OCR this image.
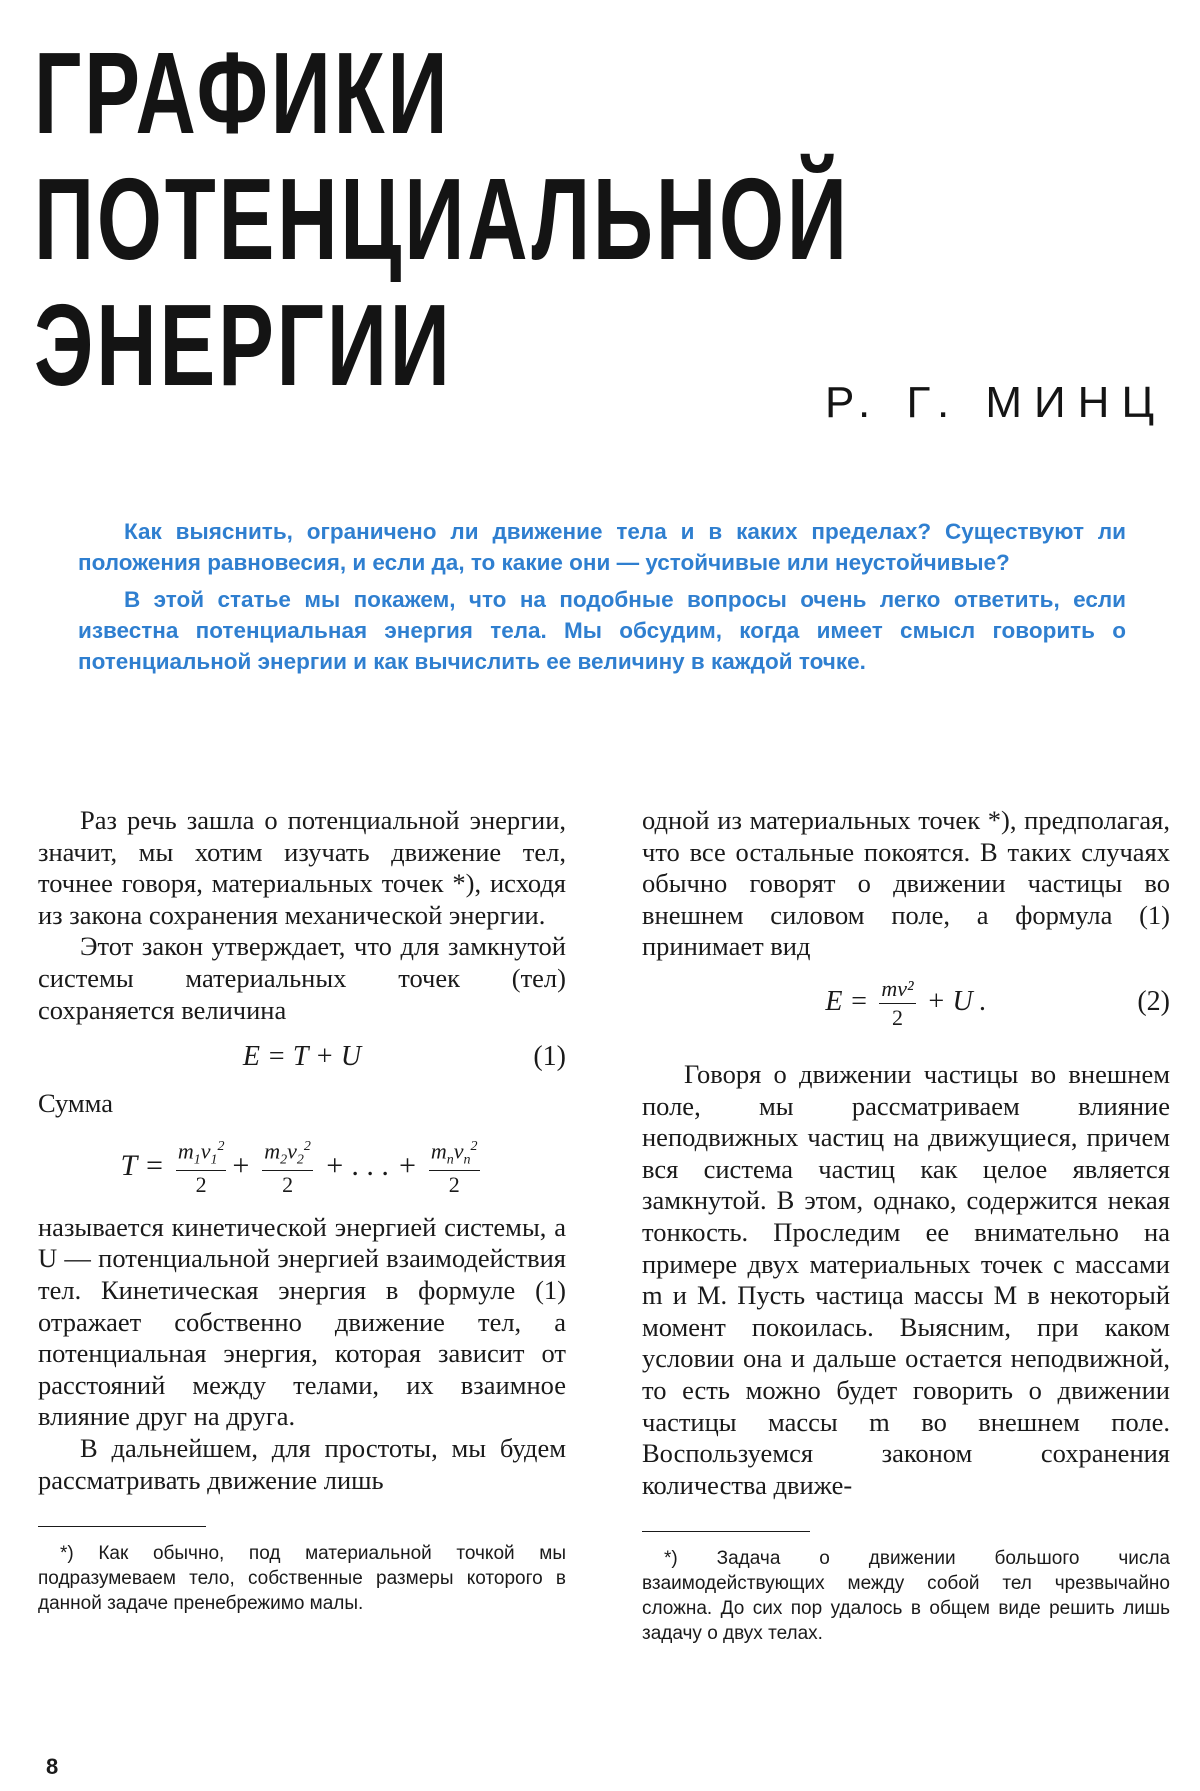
ГРАФИКИ
ПОТЕНЦИАЛЬНОЙ
ЭНЕРГИИ	Р. Г. МИНЦ

Как выяснить, ограничено ли движение тела и в каких пределах? Существуют ли положения равновесия, и если да, то какие они — устойчивые или неустойчивые?

В этой статье мы покажем, что на подобные вопросы очень легко ответить, если известна потенциальная энергия тела. Мы обсудим, когда имеет смысл говорить о потенциальной энергии и как вычислить ее величину в каждой точке.

Раз речь зашла о потенциальной энергии, значит, мы хотим изучать движение тел, точнее говоря, материальных точек *), исходя из закона сохранения механической энергии.

Этот закон утверждает, что для замкнутой системы материальных точек (тел) сохраняется величина

E = T + U	(1)

Сумма

$T = \frac{m_1v_1^2}{2} + \frac{m_2v_2^2}{2}$ + . . . + $\frac{m_nv_n^2}{2}$

называется кинетической энергией системы, а U — потенциальной энергией взаимодействия тел. Кинетическая энергия в формуле (1) отражает собственно движение тел, а потенциальная энергия, которая зависит от расстояний между телами, их взаимное влияние друг на друга.

В дальнейшем, для простоты, мы будем рассматривать движение лишь

*) Как обычно, под материальной точкой мы подразумеваем тело, собственные размеры которого в данной задаче пренебрежимо малы.

одной из материальных точек *), предполагая, что все остальные покоятся. В таких случаях обычно говорят о движении частицы во внешнем силовом поле, а формула (1) принимает вид

$E = \frac{\text{mv²}}{2} + U$ .	(2)

Говоря о движении частицы во внешнем поле, мы рассматриваем влияние неподвижных частиц на движущиеся, причем вся система частиц как целое является замкнутой. В этом, однако, содержится некая тонкость. Проследим ее внимательно на примере двух материальных точек с массами m и M. Пусть частица массы M в некоторый момент покоилась. Выясним, при каком условии она и дальше остается неподвижной, то есть можно будет говорить о движении частицы массы m во внешнем поле. Воспользуемся законом сохранения количества движе-

*) Задача о движении большого числа взаимодействующих между собой тел чрезвычайно сложна. До сих пор удалось в общем виде решить лишь задачу о двух телах.

8
